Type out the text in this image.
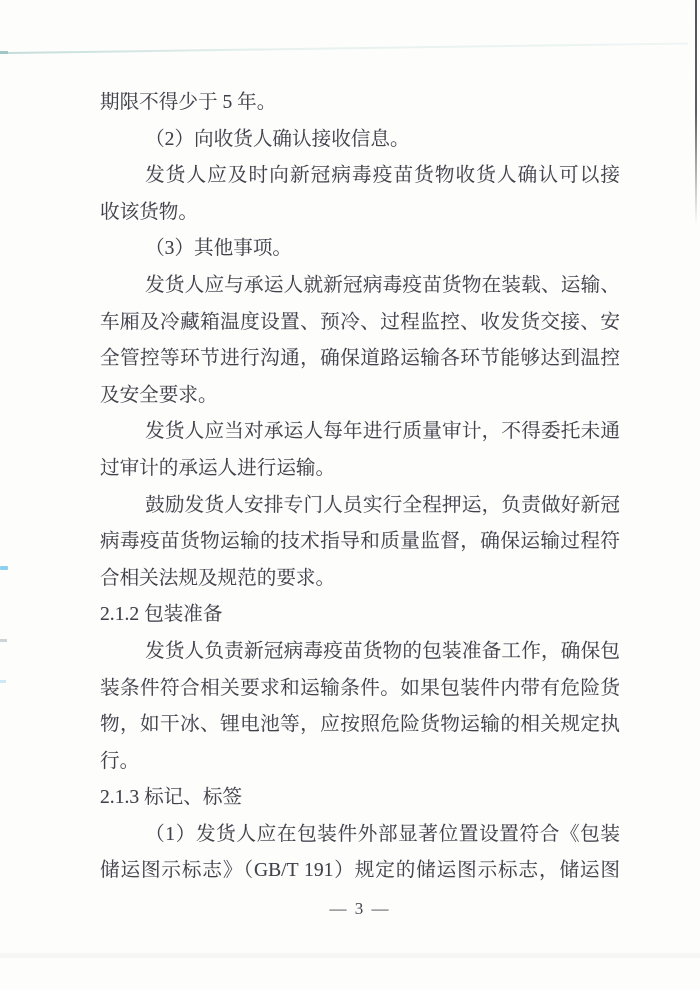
期限不得少于 5 年。
（2）向收货人确认接收信息。
发货人应及时向新冠病毒疫苗货物收货人确认可以接
收该货物。
（3）其他事项。
发货人应与承运人就新冠病毒疫苗货物在装载、运输、
车厢及冷藏箱温度设置、预冷、过程监控、收发货交接、安
全管控等环节进行沟通，确保道路运输各环节能够达到温控
及安全要求。
发货人应当对承运人每年进行质量审计，不得委托未通
过审计的承运人进行运输。
鼓励发货人安排专门人员实行全程押运，负责做好新冠
病毒疫苗货物运输的技术指导和质量监督，确保运输过程符
合相关法规及规范的要求。
2.1.2 包装准备
发货人负责新冠病毒疫苗货物的包装准备工作，确保包
装条件符合相关要求和运输条件。如果包装件内带有危险货
物，如干冰、锂电池等，应按照危险货物运输的相关规定执
行。
2.1.3 标记、标签
（1）发货人应在包装件外部显著位置设置符合《包装
储运图示标志》（GB/T 191）规定的储运图示标志，储运图
— 3 —
